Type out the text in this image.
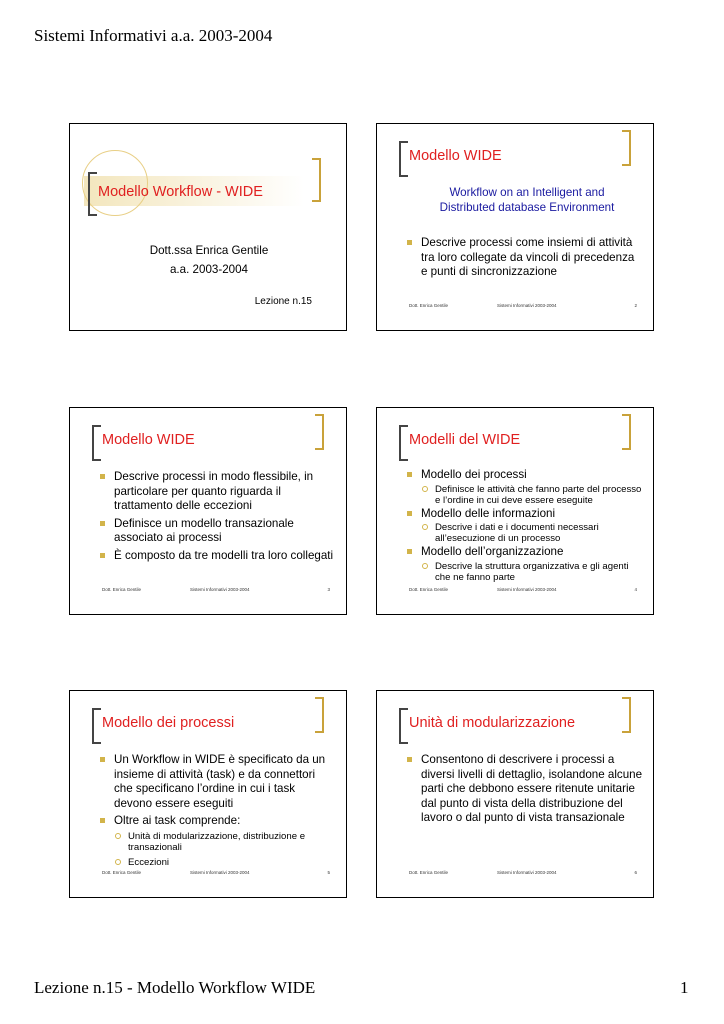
Sistemi Informativi a.a. 2003-2004
Modello Workflow - WIDE
Dott.ssa Enrica Gentile
a.a. 2003-2004
Lezione n.15
Modello WIDE
Workflow on an Intelligent and
Distributed database Environment
Descrive processi come insiemi di attività tra loro collegate da vincoli di precedenza e punti di sincronizzazione
Dott. Enrica Gentile	Sistemi Informativi 2003-2004	2
Modello WIDE
Descrive processi in modo flessibile, in particolare per quanto riguarda il trattamento delle eccezioni
Definisce un modello transazionale associato ai processi
È composto da tre modelli tra loro collegati
Dott. Enrica Gentile	Sistemi Informativi 2003-2004	3
Modelli del WIDE
Modello dei processi
Definisce le attività che fanno parte del processo e l’ordine in cui deve essere eseguite
Modello delle informazioni
Descrive i dati e i documenti necessari all’esecuzione di un processo
Modello dell’organizzazione
Descrive la struttura organizzativa e gli agenti che ne fanno parte
Dott. Enrica Gentile	Sistemi Informativi 2003-2004	4
Modello dei processi
Un Workflow in WIDE è specificato da un insieme di attività (task) e da connettori che specificano l’ordine in cui i task devono essere eseguiti
Oltre ai task comprende:
Unità di modularizzazione, distribuzione e transazionali
Eccezioni
Dott. Enrica Gentile	Sistemi Informativi 2003-2004	5
Unità di modularizzazione
Consentono di descrivere i processi a diversi livelli di dettaglio, isolandone alcune parti che debbono essere ritenute unitarie dal punto di vista della distribuzione del lavoro o dal punto di vista transazionale
Dott. Enrica Gentile	Sistemi Informativi 2003-2004	6
Lezione n.15 - Modello Workflow WIDE	1
